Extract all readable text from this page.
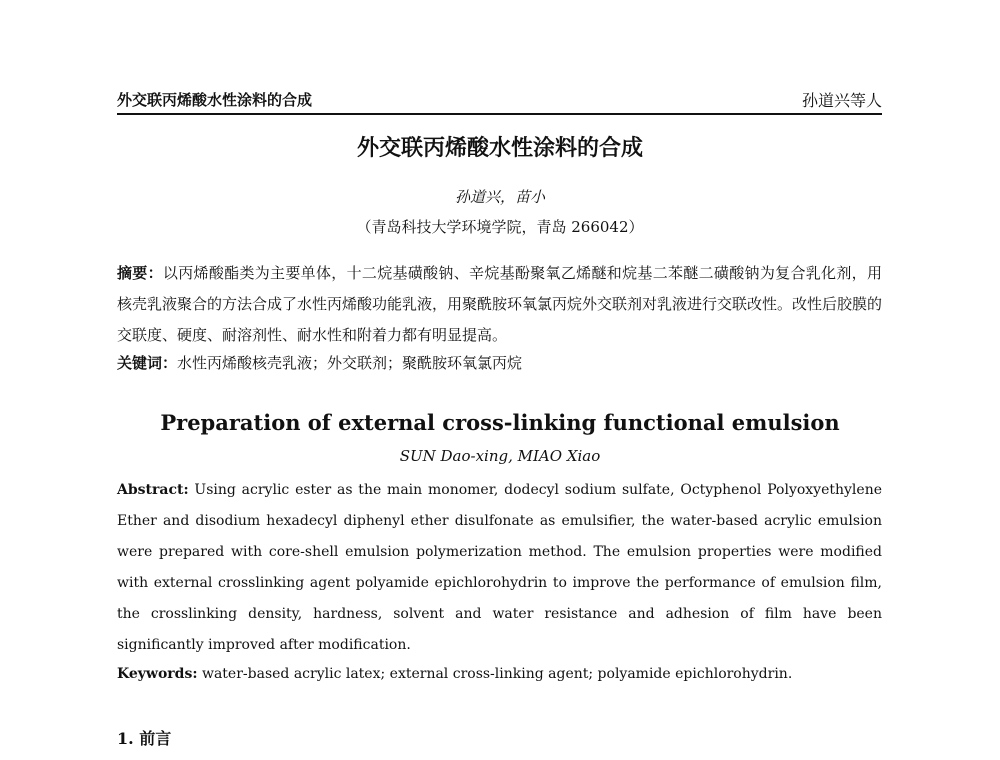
外交联丙烯酸水性涂料的合成	孙道兴等人
外交联丙烯酸水性涂料的合成
孙道兴，苗小
（青岛科技大学环境学院，青岛 266042）
摘要：以丙烯酸酯类为主要单体，十二烷基磺酸钠、辛烷基酚聚氧乙烯醚和烷基二苯醚二磺酸钠为复合乳化剂，用核壳乳液聚合的方法合成了水性丙烯酸功能乳液，用聚酰胺环氧氯丙烷外交联剂对乳液进行交联改性。改性后胶膜的交联度、硬度、耐溶剂性、耐水性和附着力都有明显提高。
关键词：水性丙烯酸核壳乳液；外交联剂；聚酰胺环氧氯丙烷
Preparation of external cross-linking functional emulsion
SUN Dao-xing, MIAO Xiao
Abstract: Using acrylic ester as the main monomer, dodecyl sodium sulfate, Octyphenol Polyoxyethylene Ether and disodium hexadecyl diphenyl ether disulfonate as emulsifier, the water-based acrylic emulsion were prepared with core-shell emulsion polymerization method. The emulsion properties were modified with external crosslinking agent polyamide epichlorohydrin to improve the performance of emulsion film, the crosslinking density, hardness, solvent and water resistance and adhesion of film have been significantly improved after modification.
Keywords: water-based acrylic latex; external cross-linking agent; polyamide epichlorohydrin.
1. 前言
